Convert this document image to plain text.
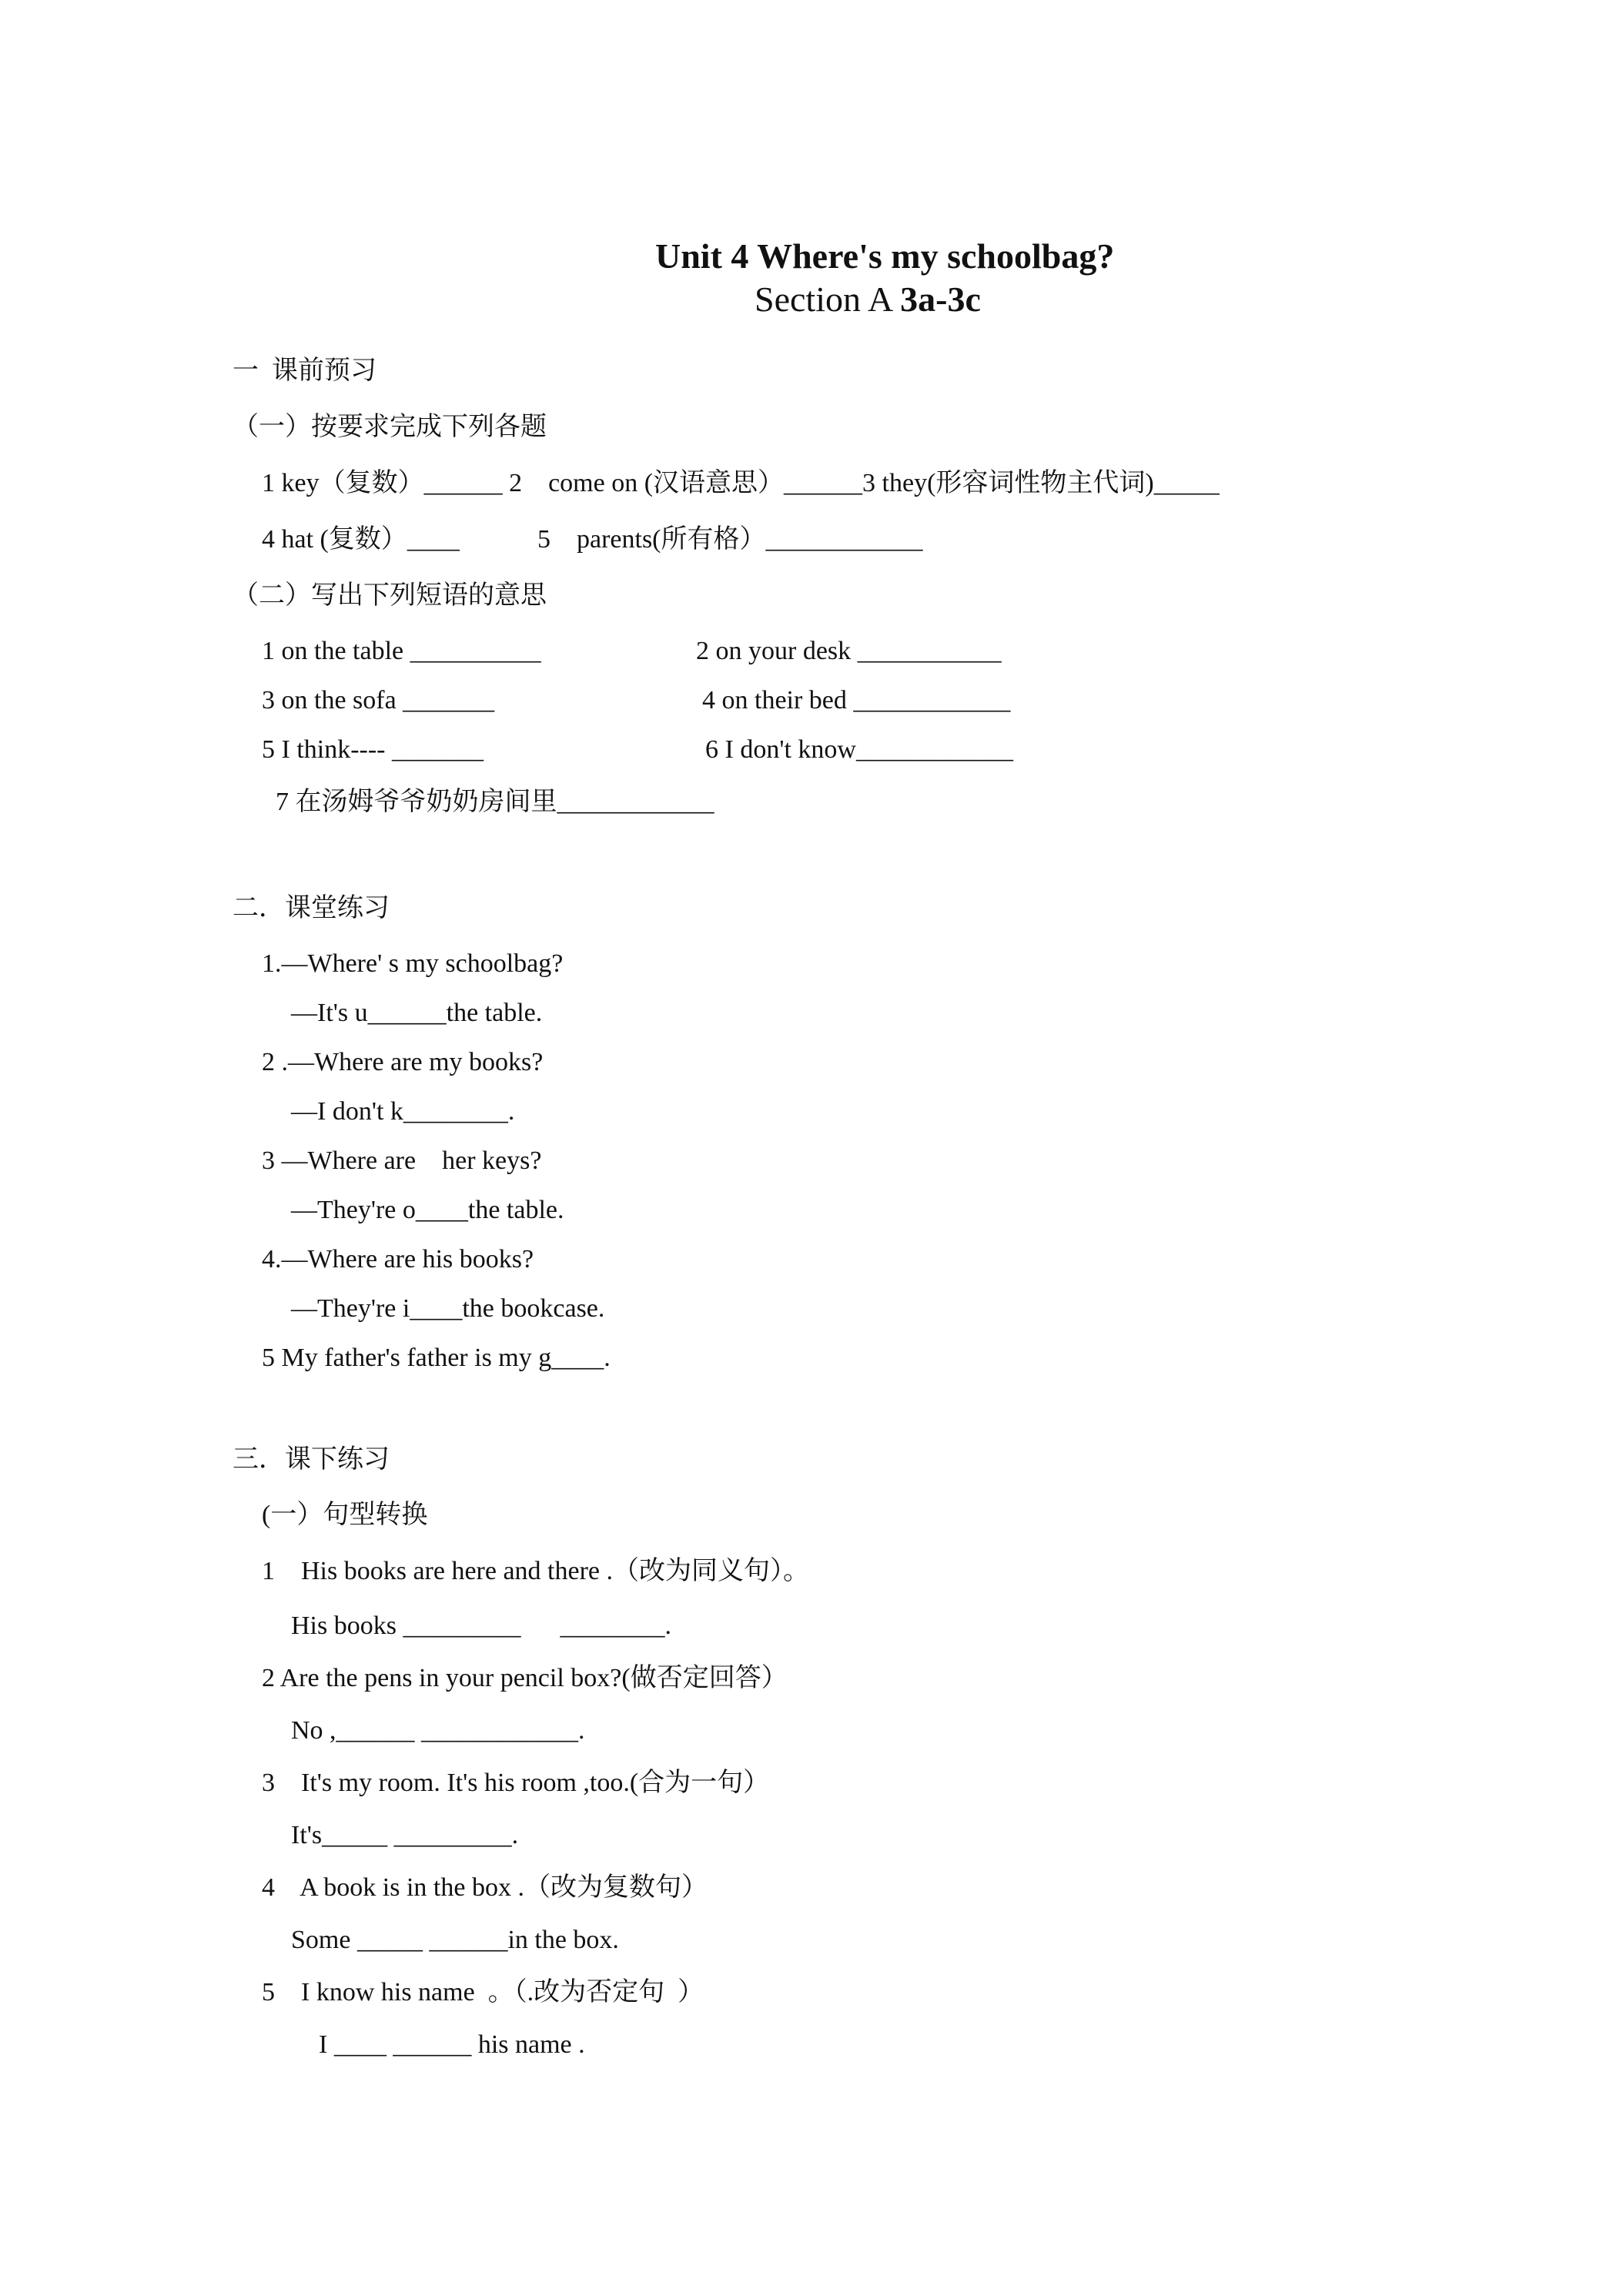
Unit 4 Where's my schoolbag?
Section A 3a-3c
一  课前预习
（一）按要求完成下列各题
1 key（复数）______ 2    come on (汉语意思）______3 they(形容词性物主代词)_____
4 hat (复数）____	5    parents(所有格）____________
（二）写出下列短语的意思
1 on the table __________	2 on your desk ___________
3 on the sofa _______	4 on their bed ____________
5 I think---- _______	6 I don't know____________
7 在汤姆爷爷奶奶房间里____________
二．课堂练习
1.—Where' s my schoolbag?
—It's u______the table.
2 .—Where are my books?
—I don't k________.
3 —Where are    her keys?
—They're o____the table.
4.—Where are his books?
—They're i____the bookcase.
5 My father's father is my g____.
三．课下练习
(一）句型转换
1    His books are here and there .（改为同义句）。
His books _________      ________.
2 Are the pens in your pencil box?(做否定回答）
No ,______ ____________.
3    It's my room. It's his room ,too.(合为一句）
It's_____ _________.
4    A book is in the box .（改为复数句）
Some _____ ______in the box.
5    I know his name  。（.改为否定句  ）
I ____ ______ his name .
